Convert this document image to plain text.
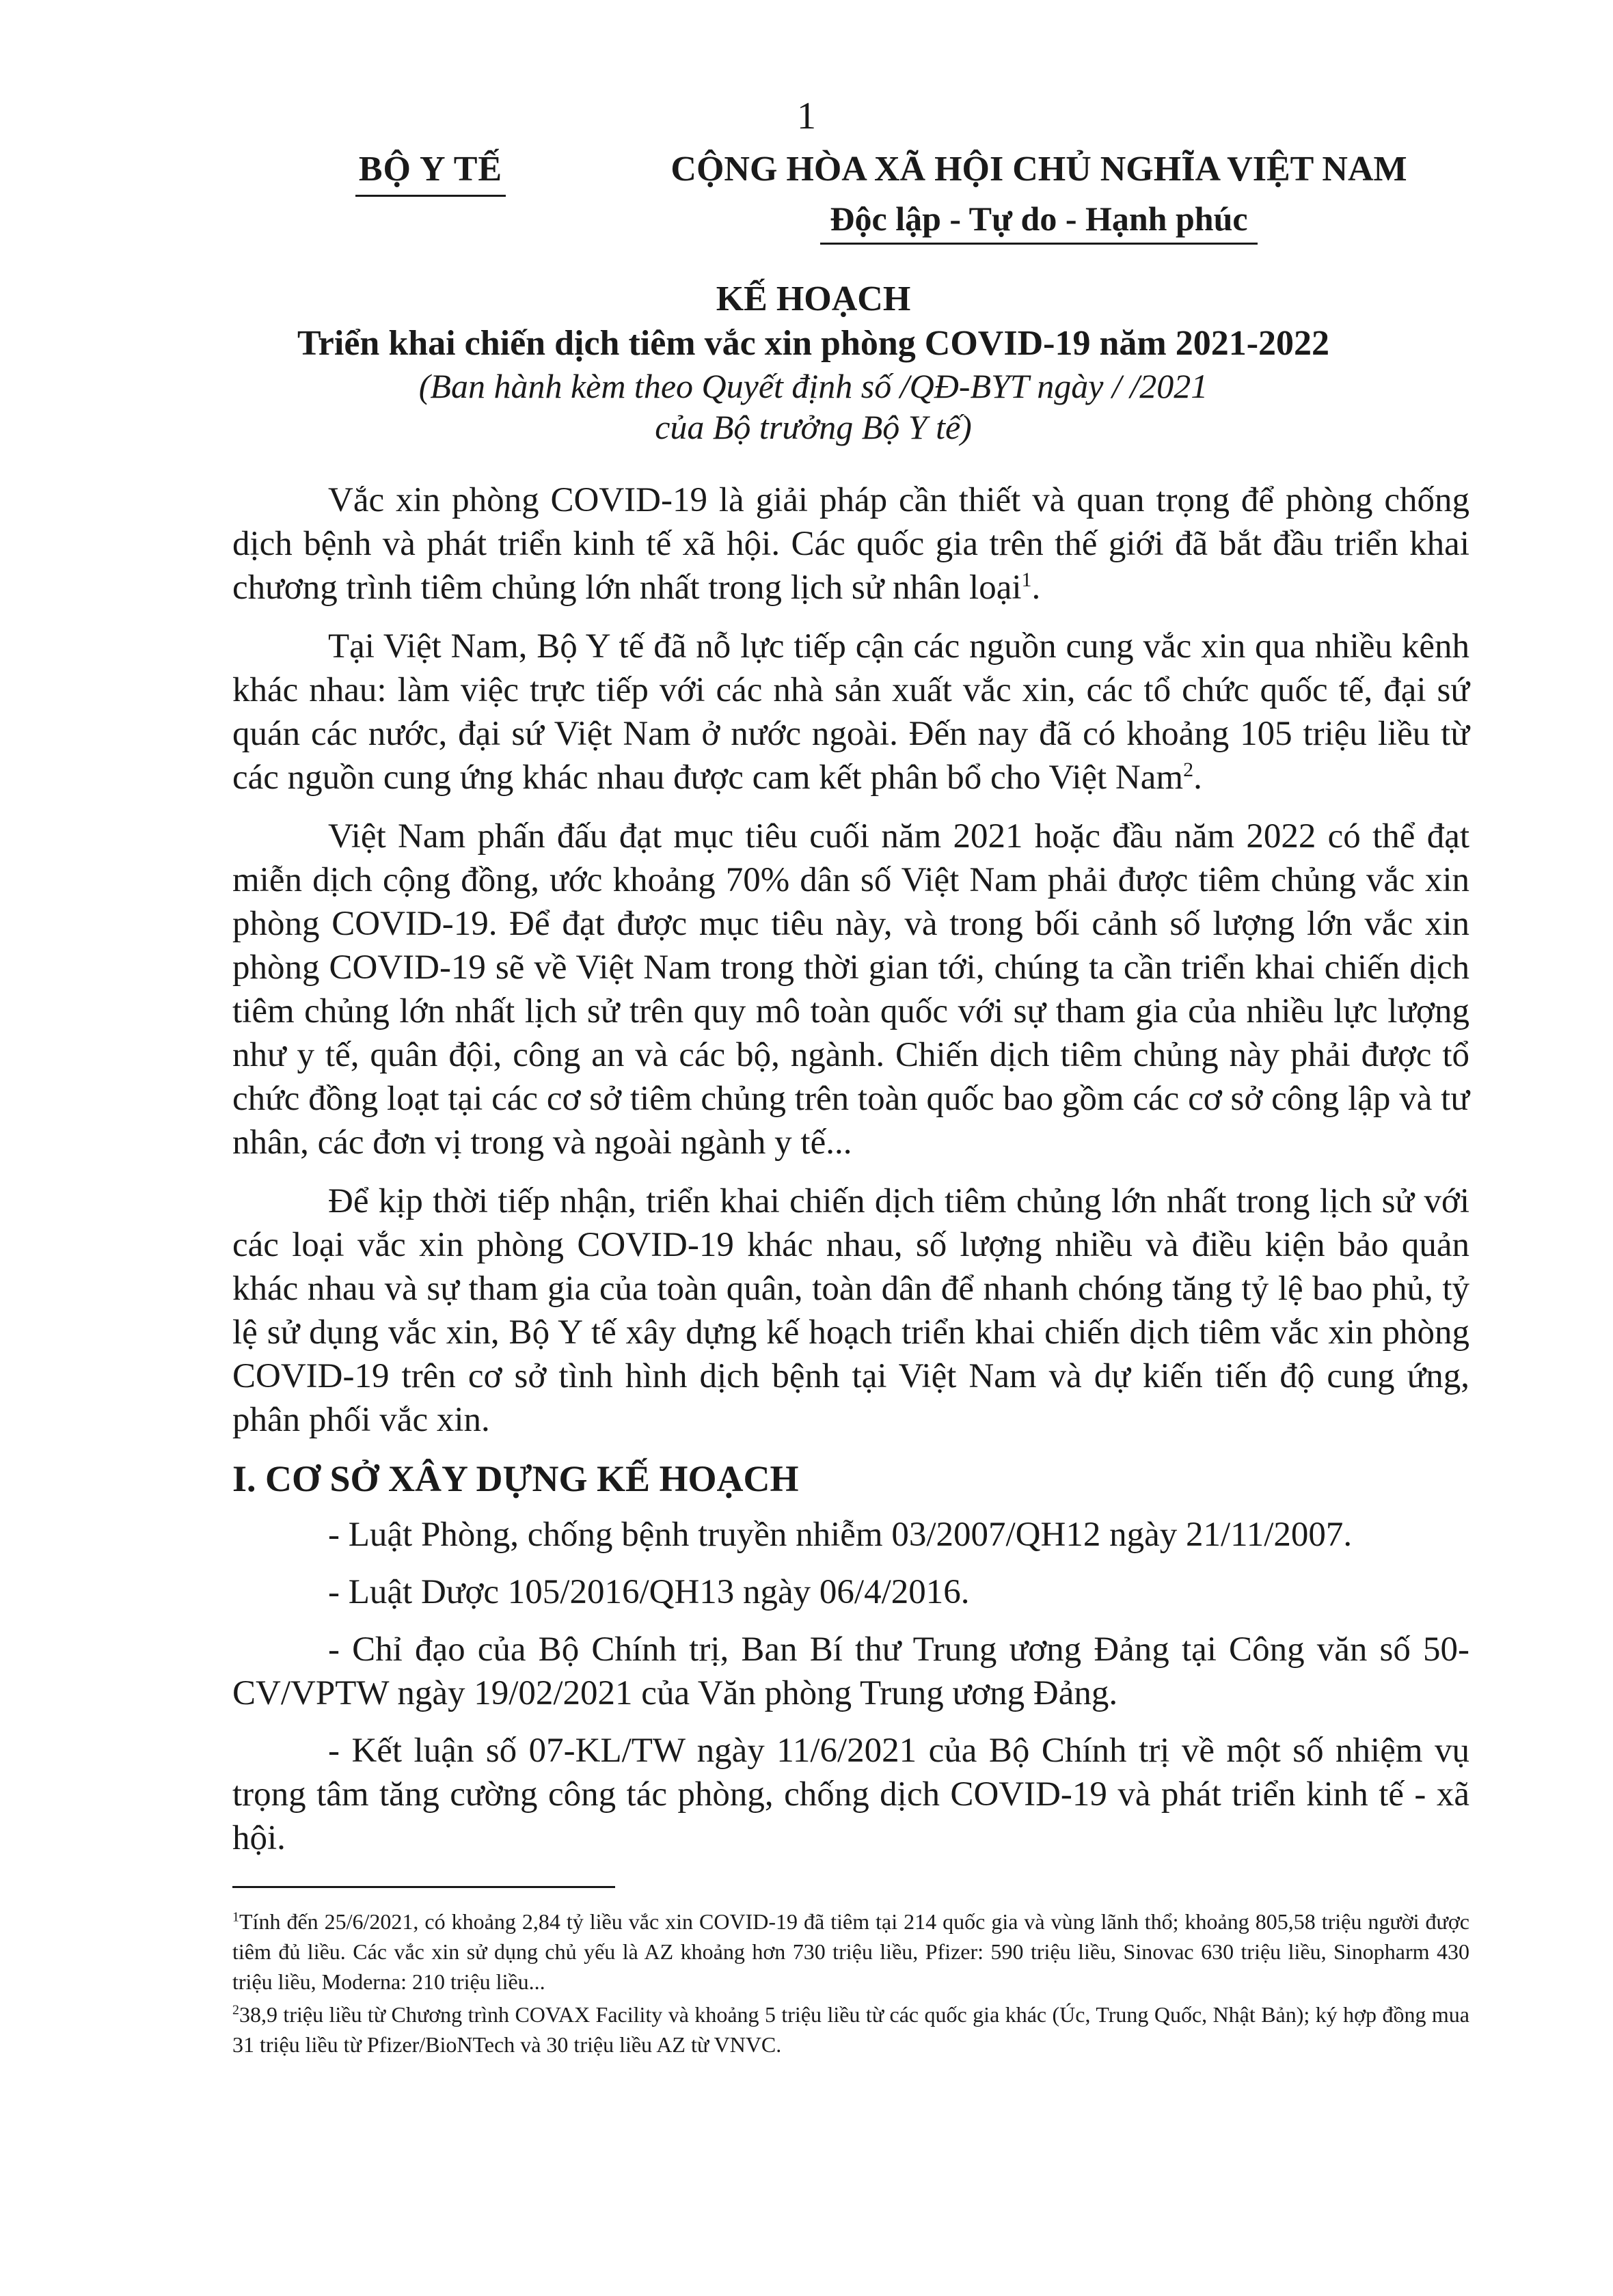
1
BỘ Y TẾ	CỘNG HÒA XÃ HỘI CHỦ NGHĨA VIỆT NAM
Độc lập - Tự do - Hạnh phúc
KẾ HOẠCH
Triển khai chiến dịch tiêm vắc xin phòng COVID-19 năm 2021-2022
(Ban hành kèm theo Quyết định số /QĐ-BYT ngày / /2021
của Bộ trưởng Bộ Y tế)

Vắc xin phòng COVID-19 là giải pháp cần thiết và quan trọng để phòng chống dịch bệnh và phát triển kinh tế xã hội. Các quốc gia trên thế giới đã bắt đầu triển khai chương trình tiêm chủng lớn nhất trong lịch sử nhân loại$^1$.

Tại Việt Nam, Bộ Y tế đã nỗ lực tiếp cận các nguồn cung vắc xin qua nhiều kênh khác nhau: làm việc trực tiếp với các nhà sản xuất vắc xin, các tổ chức quốc tế, đại sứ quán các nước, đại sứ Việt Nam ở nước ngoài. Đến nay đã có khoảng 105 triệu liều từ các nguồn cung ứng khác nhau được cam kết phân bổ cho Việt Nam$^2$.

Việt Nam phấn đấu đạt mục tiêu cuối năm 2021 hoặc đầu năm 2022 có thể đạt miễn dịch cộng đồng, ước khoảng 70% dân số Việt Nam phải được tiêm chủng vắc xin phòng COVID-19. Để đạt được mục tiêu này, và trong bối cảnh số lượng lớn vắc xin phòng COVID-19 sẽ về Việt Nam trong thời gian tới, chúng ta cần triển khai chiến dịch tiêm chủng lớn nhất lịch sử trên quy mô toàn quốc với sự tham gia của nhiều lực lượng như y tế, quân đội, công an và các bộ, ngành. Chiến dịch tiêm chủng này phải được tổ chức đồng loạt tại các cơ sở tiêm chủng trên toàn quốc bao gồm các cơ sở công lập và tư nhân, các đơn vị trong và ngoài ngành y tế...

Để kịp thời tiếp nhận, triển khai chiến dịch tiêm chủng lớn nhất trong lịch sử với các loại vắc xin phòng COVID-19 khác nhau, số lượng nhiều và điều kiện bảo quản khác nhau và sự tham gia của toàn quân, toàn dân để nhanh chóng tăng tỷ lệ bao phủ, tỷ lệ sử dụng vắc xin, Bộ Y tế xây dựng kế hoạch triển khai chiến dịch tiêm vắc xin phòng COVID-19 trên cơ sở tình hình dịch bệnh tại Việt Nam và dự kiến tiến độ cung ứng, phân phối vắc xin.

I. CƠ SỞ XÂY DỰNG KẾ HOẠCH

- Luật Phòng, chống bệnh truyền nhiễm 03/2007/QH12 ngày 21/11/2007.

- Luật Dược 105/2016/QH13 ngày 06/4/2016.

- Chỉ đạo của Bộ Chính trị, Ban Bí thư Trung ương Đảng tại Công văn số 50-CV/VPTW ngày 19/02/2021 của Văn phòng Trung ương Đảng.

- Kết luận số 07-KL/TW ngày 11/6/2021 của Bộ Chính trị về một số nhiệm vụ trọng tâm tăng cường công tác phòng, chống dịch COVID-19 và phát triển kinh tế - xã hội.

$^1$Tính đến 25/6/2021, có khoảng 2,84 tỷ liều vắc xin COVID-19 đã tiêm tại 214 quốc gia và vùng lãnh thổ; khoảng 805,58 triệu người được tiêm đủ liều. Các vắc xin sử dụng chủ yếu là AZ khoảng hơn 730 triệu liều, Pfizer: 590 triệu liều, Sinovac 630 triệu liều, Sinopharm 430 triệu liều, Moderna: 210 triệu liều...

$^2$38,9 triệu liều từ Chương trình COVAX Facility và khoảng 5 triệu liều từ các quốc gia khác (Úc, Trung Quốc, Nhật Bản); ký hợp đồng mua 31 triệu liều từ Pfizer/BioNTech và 30 triệu liều AZ từ VNVC.
